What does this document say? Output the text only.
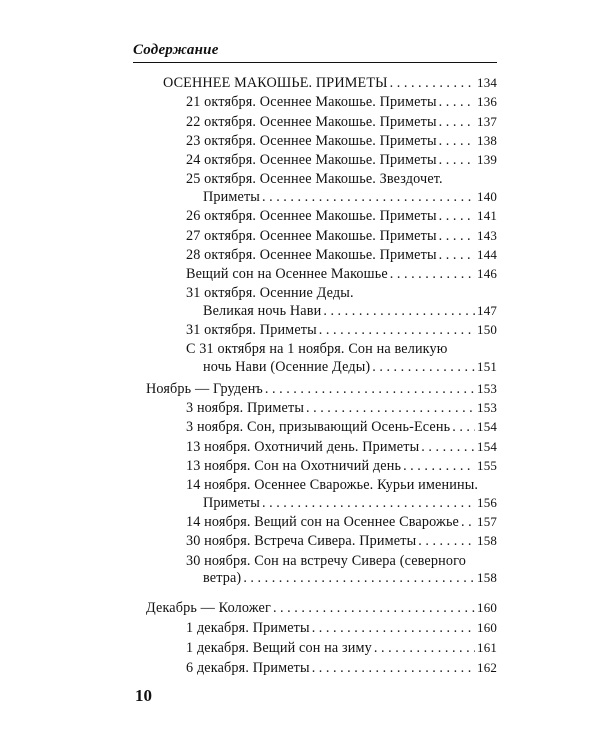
Содержание
ОСЕННЕЕ МАКОШЬЕ. ПРИМЕТЫ . . .	134
21 октября. Осеннее Макошье. Приметы . . .	136
22 октября. Осеннее Макошье. Приметы . . .	137
23 октября. Осеннее Макошье. Приметы . . .	138
24 октября. Осеннее Макошье. Приметы . . .	139
25 октября. Осеннее Макошье. Звездочет.
Приметы . . .	140
26 октября. Осеннее Макошье. Приметы . . .	141
27 октября. Осеннее Макошье. Приметы . . .	143
28 октября. Осеннее Макошье. Приметы . . .	144
Вещий сон на Осеннее Макошье . . .	146
31 октября. Осенние Деды.
Великая ночь Нави . . .	147
31 октября. Приметы . . .	150
С 31 октября на 1 ноября. Сон на великую
ночь Нави (Осенние Деды) . . .	151
Ноябрь — Груденъ . . .	153
3 ноября. Приметы . . .	153
3 ноября. Сон, призывающий Осень-Есень . . . 154
13 ноября. Охотничий день. Приметы . . .	154
13 ноября. Сон на Охотничий день . . .	155
14 ноября. Осеннее Сварожье. Курьи именины.
Приметы . . .	156
14 ноября. Вещий сон на Осеннее Сварожье . . . 157
30 ноября. Встреча Сивера. Приметы . . .	158
30 ноября. Сон на встречу Сивера (северного
ветра) . . .	158
Декабрь — Коложег . . .	160
1 декабря. Приметы . . .	160
1 декабря. Вещий сон на зиму . . .	161
6 декабря. Приметы . . .	162
10
